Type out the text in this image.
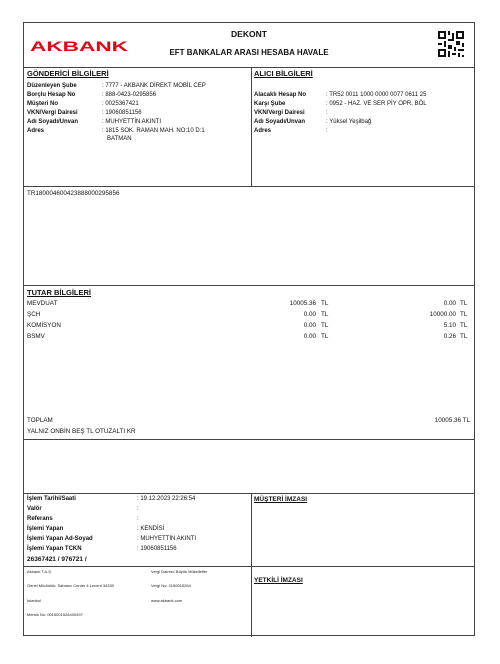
AKBANK
DEKONT
EFT BANKALAR ARASI HESABA HAVALE
GÖNDERİCİ BİLGİLERİ
Düzenleyen Şube	: 7777 - AKBANK DİREKT MOBİL CEP
Borçlu Hesap No	: 888-0423-0295856
Müşteri No	: 0025367421
VKN/Vergi Dairesi	: 19060851156
Adı Soyadı/Unvan	: MUHYETTİN AKINTI
Adres	: 1815 SOK. RAMAN MAH. NO:10 D:1
BATMAN
ALICI BİLGİLERİ
Alacaklı Hesap No	: TR52 0011 1000 0000 0077 0611 25
Karşı Şube	: 0952 - HAZ. VE SER PİY OPR. BÖL
VKN/Vergi Dairesi	:
Adı Soyadı/Unvan	: Yüksel Yeşilbağ
Adres	:
TR1800046004238880002958​56
TUTAR BİLGİLERİ
MEVDUAT	10005.36 TL	0.00 TL
ŞCH	0.00 TL	10000.00 TL
KOMİSYON	0.00 TL	5.10 TL
BSMV	0.00 TL	0.26 TL
TOPLAM	10005.36 TL
YALNIZ ONBİN BEŞ TL OTUZALTI KR
İşlem Tarihi/Saati	: 19.12.2023 22:26:54
Valör	:
Referans	:
İşlemi Yapan	: KENDİSİ
İşlemi Yapan Ad-Soyad	: MUHYETTİN AKINTI
İşlemi Yapan TCKN	: 19060851156
26367421 / 976721 /
MÜŞTERİ İMZASI
YETKİLİ İMZASI
Akbank T.A.Ş.
Genel Müdürlük: Sabancı Center 4.Levent 34330
İstanbul
Mersis No: 0015001526400497
Vergi Dairesi: Büyük Mükellefler
Vergi No: 0150015264
www.akbank.com
